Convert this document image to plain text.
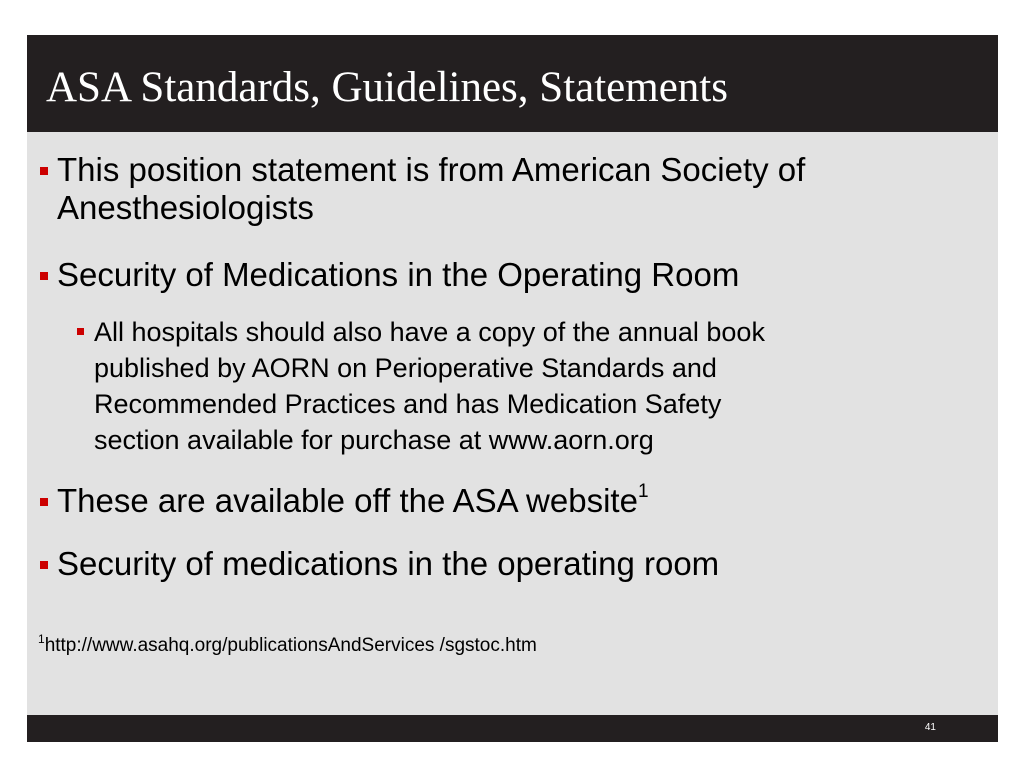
ASA Standards, Guidelines, Statements
This position statement is from American Society of
Anesthesiologists
Security of Medications in the Operating Room
All hospitals should also have a copy of the annual book
published by AORN on Perioperative Standards and
Recommended Practices and has Medication Safety
section available for purchase at www.aorn.org
These are available off the ASA website$^1$
Security of medications in the operating room
$^1$http://www.asahq.org/publicationsAndServices /sgstoc.htm
41
